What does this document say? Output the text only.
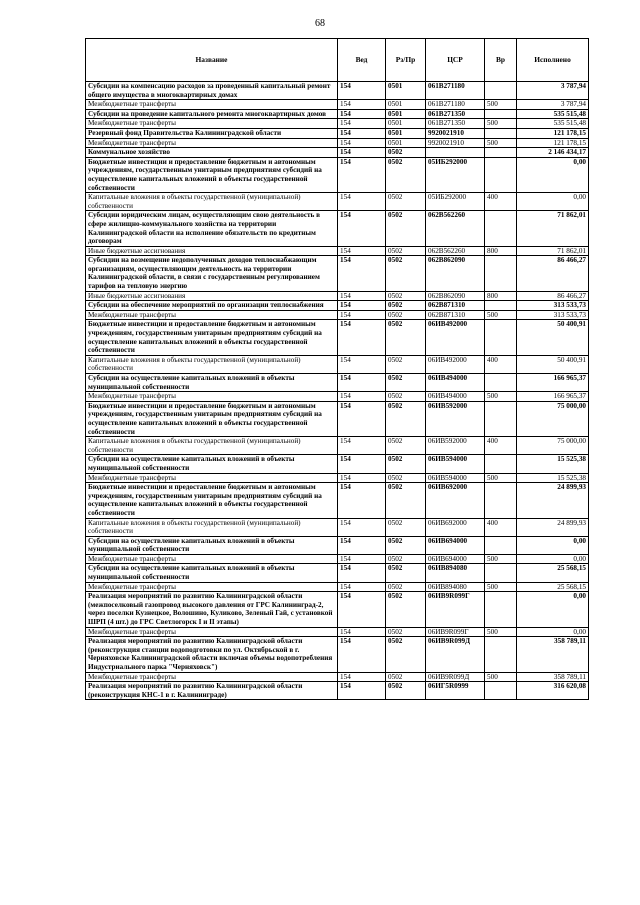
68
Название	Вед	Рз/Пр	ЦСР	Вр	Исполнено
Субсидии на компенсацию расходов за проведенный капитальный ремонт общего имущества в многоквартирных домах	154	0501	061B271180		3 787,94
Межбюджетные трансферты	154	0501	061B271180	500	3 787,94
Субсидии на проведение капитального ремонта многоквартирных домов	154	0501	061B271350		535 515,48
Межбюджетные трансферты	154	0501	061B271350	500	535 515,48
Резервный фонд Правительства Калининградской области	154	0501	9920021910		121 178,15
Межбюджетные трансферты	154	0501	9920021910	500	121 178,15
Коммунальное хозяйство	154	0502			2 146 434,17
Бюджетные инвестиции и предоставление бюджетным и автономным учреждениям, государственным унитарным предприятиям субсидий на осуществление капитальных вложений в объекты государственной собственности	154	0502	05ИБ292000		0,00
Капитальные вложения в объекты государственной (муниципальной) собственности	154	0502	05ИБ292000	400	0,00
Субсидии юридическим лицам, осуществляющим свою деятельность в сфере жилищно-коммунального хозяйства на территории Калининградской области на исполнение обязательств по кредитным договорам	154	0502	062В562260		71 862,01
Иные бюджетные ассигнования	154	0502	062В562260	800	71 862,01
Субсидии на возмещение недополученных доходов теплоснабжающим организациям, осуществляющим деятельность на территории Калининградской области, в связи с государственным регулированием тарифов на тепловую энергию	154	0502	062В862090		86 466,27
Иные бюджетные ассигнования	154	0502	062В862090	800	86 466,27
Субсидии на обеспечение мероприятий по организации теплоснабжения	154	0502	062В871310		313 533,73
Межбюджетные трансферты	154	0502	062В871310	500	313 533,73
Бюджетные инвестиции и предоставление бюджетным и автономным учреждениям, государственным унитарным предприятиям субсидий на осуществление капитальных вложений в объекты государственной собственности	154	0502	06ИВ492000		50 400,91
Капитальные вложения в объекты государственной (муниципальной) собственности	154	0502	06ИВ492000	400	50 400,91
Субсидии на осуществление капитальных вложений в объекты муниципальной собственности	154	0502	06ИВ494000		166 965,37
Межбюджетные трансферты	154	0502	06ИВ494000	500	166 965,37
Бюджетные инвестиции и предоставление бюджетным и автономным учреждениям, государственным унитарным предприятиям субсидий на осуществление капитальных вложений в объекты государственной собственности	154	0502	06ИВ592000		75 000,00
Капитальные вложения в объекты государственной (муниципальной) собственности	154	0502	06ИВ592000	400	75 000,00
Субсидии на осуществление капитальных вложений в объекты муниципальной собственности	154	0502	06ИВ594000		15 525,38
Межбюджетные трансферты	154	0502	06ИВ594000	500	15 525,38
Бюджетные инвестиции и предоставление бюджетным и автономным учреждениям, государственным унитарным предприятиям субсидий на осуществление капитальных вложений в объекты государственной собственности	154	0502	06ИВ692000		24 899,93
Капитальные вложения в объекты государственной (муниципальной) собственности	154	0502	06ИВ692000	400	24 899,93
Субсидии на осуществление капитальных вложений в объекты муниципальной собственности	154	0502	06ИВ694000		0,00
Межбюджетные трансферты	154	0502	06ИВ694000	500	0,00
Субсидии на осуществление капитальных вложений в объекты муниципальной собственности	154	0502	06ИВ894080		25 568,15
Межбюджетные трансферты	154	0502	06ИВ894080	500	25 568,15
Реализация мероприятий по развитию Калининградской области (межпоселковый газопровод высокого давления от ГРС Калининград-2, через поселки Кузнецкое, Волошино, Куликово, Зеленый Гай, с установкой ШРП (4 шт.) до ГРС Светлогорск I и II этапы)	154	0502	06ИВ9R099Г		0,00
Межбюджетные трансферты	154	0502	06ИВ9R099Г	500	0,00
Реализация мероприятий по развитию Калининградской области (реконструкция станции водоподготовки по ул. Октябрьской в г. Черняховске Калининградской области включая объемы водопотребления Индустриального парка "Черняховск")	154	0502	06ИВ9R099Д		358 789,11
Межбюджетные трансферты	154	0502	06ИВ9R099Д	500	358 789,11
Реализация мероприятий по развитию Калининградской области (реконструкция КНС-1 в г. Калининграде)	154	0502	06ИГ5R0999		316 620,08
